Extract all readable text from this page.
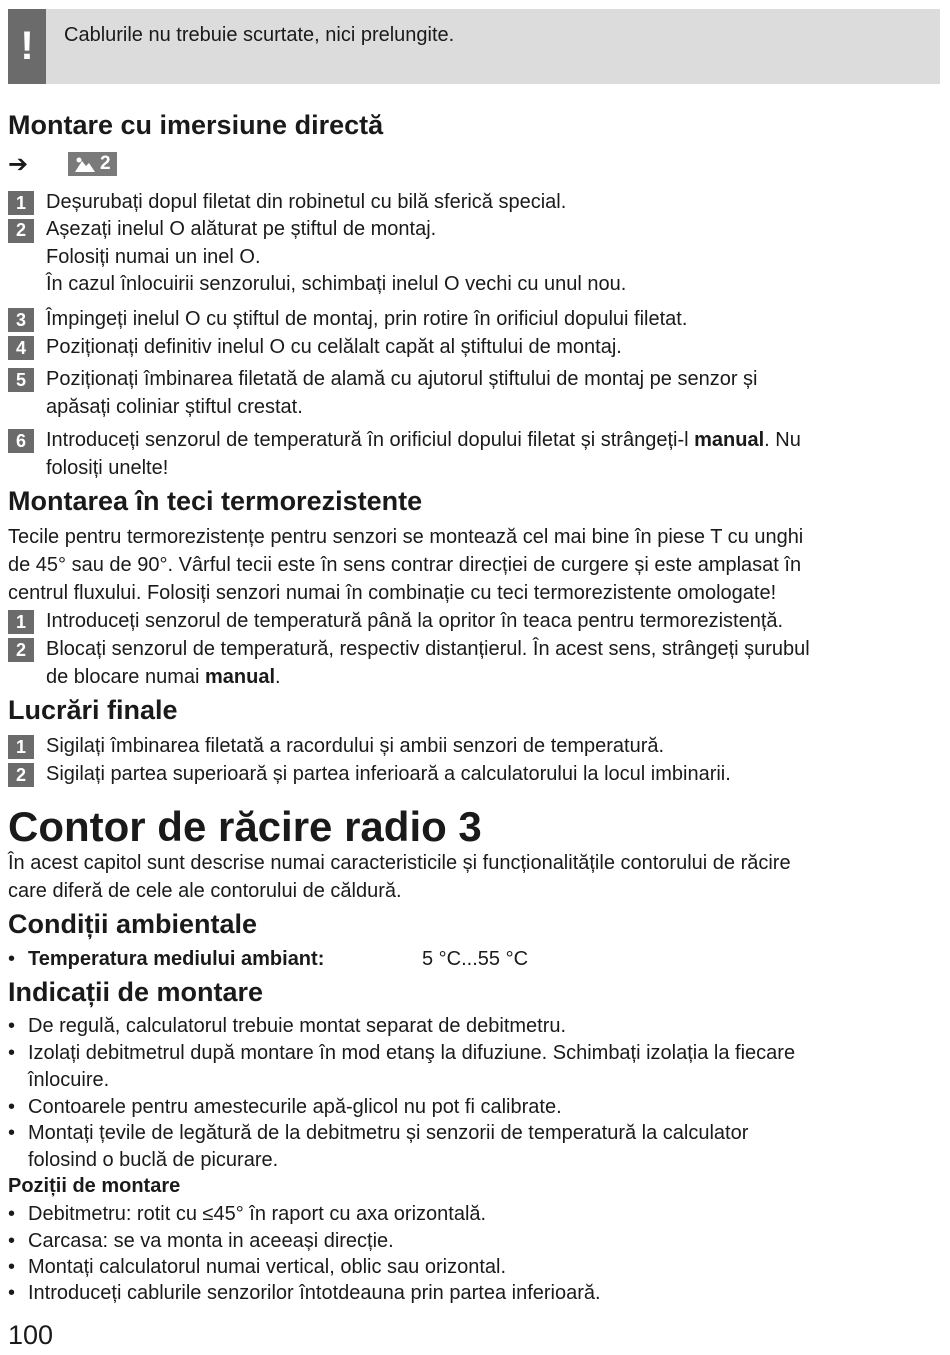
!	Cablurile nu trebuie scurtate, nici prelungite.
Montare cu imersiune directă
➔	2
1	Deșurubați dopul filetat din robinetul cu bilă sferică special.
2	Așezați inelul O alăturat pe știftul de montaj.
Folosiți numai un inel O.
În cazul înlocuirii senzorului, schimbați inelul O vechi cu unul nou.
3	Împingeți inelul O cu știftul de montaj, prin rotire în orificiul dopului filetat.
4	Poziționați definitiv inelul O cu celălalt capăt al știftului de montaj.
5	Poziționați îmbinarea filetată de alamă cu ajutorul știftului de montaj pe senzor și
apăsați coliniar știftul crestat.
6	Introduceți senzorul de temperatură în orificiul dopului filetat și strângeți-l manual. Nu
folosiți unelte!
Montarea în teci termorezistente
Tecile pentru termorezistențe pentru senzori se montează cel mai bine în piese T cu unghi
de 45° sau de 90°. Vârful tecii este în sens contrar direcției de curgere și este amplasat în
centrul fluxului. Folosiți senzori numai în combinație cu teci termorezistente omologate!
1	Introduceți senzorul de temperatură până la opritor în teaca pentru termorezistență.
2	Blocați senzorul de temperatură, respectiv distanțierul. În acest sens, strângeți șurubul
de blocare numai manual.
Lucrări finale
1	Sigilați îmbinarea filetată a racordului și ambii senzori de temperatură.
2	Sigilați partea superioară și partea inferioară a calculatorului la locul imbinarii.
Contor de răcire radio 3
În acest capitol sunt descrise numai caracteristicile și funcționalitățile contorului de răcire
care diferă de cele ale contorului de căldură.
Condiții ambientale
• Temperatura mediului ambiant:	5 °C...55 °C
Indicații de montare
• De regulă, calculatorul trebuie montat separat de debitmetru.
• Izolați debitmetrul după montare în mod etanş la difuziune. Schimbați izolația la fiecare
înlocuire.
• Contoarele pentru amestecurile apă-glicol nu pot fi calibrate.
• Montați țevile de legătură de la debitmetru și senzorii de temperatură la calculator
folosind o buclă de picurare.
Poziții de montare
• Debitmetru: rotit cu ≤45° în raport cu axa orizontală.
• Carcasa: se va monta in aceeași direcție.
• Montați calculatorul numai vertical, oblic sau orizontal.
• Introduceți cablurile senzorilor întotdeauna prin partea inferioară.
100
